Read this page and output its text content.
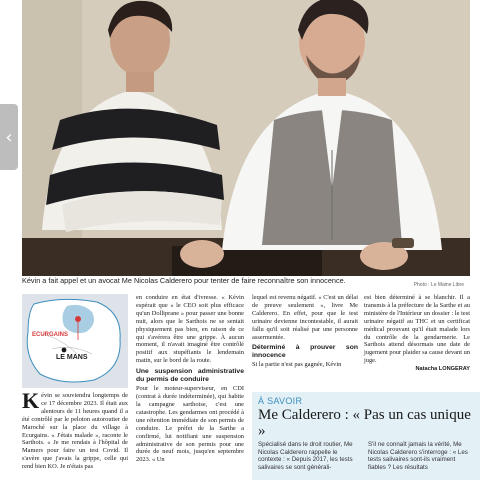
Photo : Le Maine Libre
Kévin a fait appel et un avocat Me Nicolas Calderero pour tenter de faire reconnaître son innocence.
‹
ECURGAINS
LE MANS

Kévin se souviendra longtemps de ce 17 décembre 2023. Il était aux alentours de 11 heures quand il a été contrôlé par le peloton autoroutier de Maroché sur la place du village à Ecurgains. « J'étais malade », raconte le Sarthois. « Je me rendais à l'hôpital de Mamers pour faire un test Covid. Il s'avère que j'avais la grippe, celle qui rend bien KO. Je n'étais pas

en conduire en état d'ivresse. « Kévin espérait que « le CEO soit plus efficace qu'un Dolliprane » pour passer une bonne nuit, alors que le Sarthois ne se sentait physiquement pas bien, en raison de ce qui s'avérera être une grippe. À aucun moment, il n'avait imaginé être contrôlé positif aux stupéfiants le lendemain matin, sur le bord de la route.

Une suspension administrative du permis de conduire

Pour le moteur-superviseur, en CDI (contrat à durée indéterminée), qui habite la campagne sarthoise, c'est une catastrophe. Les gendarmes ont procédé à une rétention immédiate de son permis de conduire. Le préfet de la Sarthe a confirmé, lui notifiant une suspension administrative de son permis pour une durée de neuf mois, jusqu'en septembre 2023. « Un

lequel est revenu négatif. « C'est un délai de preuve seulement », livre Me Calderero. En effet, pour que le test urinaire devienne incontestable, il aurait fallu qu'il soit réalisé par une personne assermentée.

Déterminé à prouver son innocence

Si la partie n'est pas gagnée, Kévin

est bien déterminé à se blanchir. Il a transmis à la préfecture de la Sarthe et au ministère de l'Intérieur un dossier : le test urinaire négatif au THC et un certificat médical prouvant qu'il était malade lors du contrôle de la gendarmerie. Le Sarthois attend désormais une date de jugement pour plaider sa cause devant un juge.

Natacha LONGERAY
À SAVOIR
Me Calderero : « Pas un cas unique »
Spécialisé dans le droit routier, Me Nicolas Calderero rappelle le contexte : « Depuis 2017, les tests salivaires se sont générali-
S'il ne connaît jamais la vérité, Me Nicolas Calderero s'interroge : « Les tests salivaires sont-ils vraiment fiables ? Les résultats
